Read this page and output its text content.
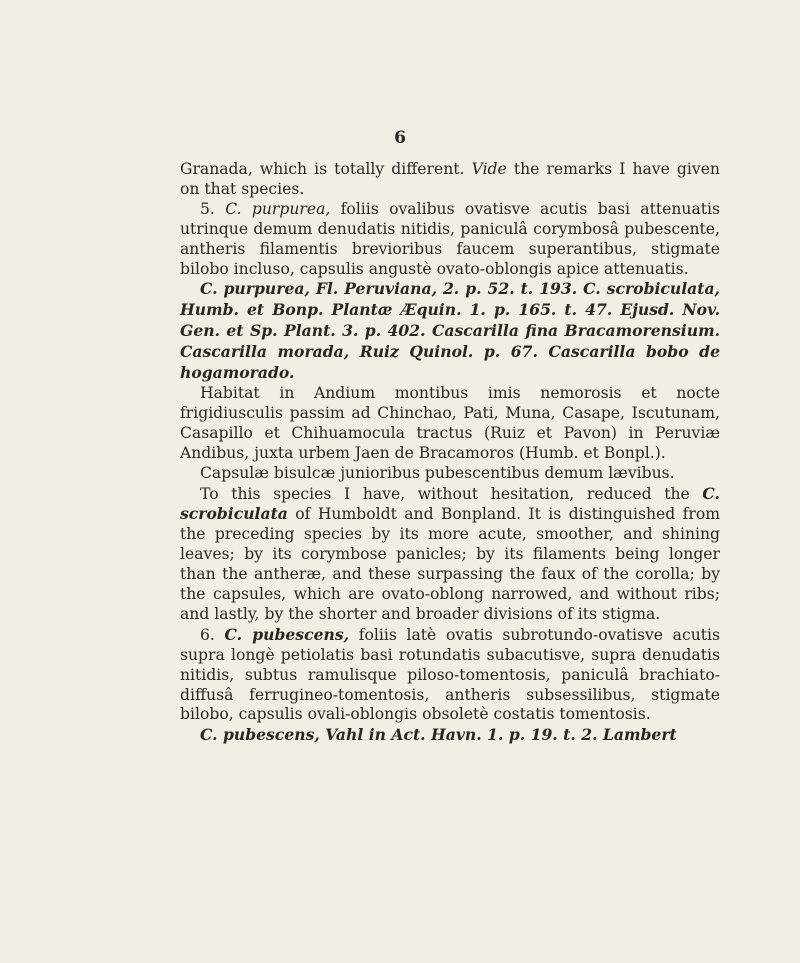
6

Granada, which is totally different. Vide the remarks I have given on that species.

5. C. purpurea, foliis ovalibus ovatisve acutis basi attenuatis utrinque demum denudatis nitidis, paniculâ corymbosâ pubescente, antheris filamentis brevioribus faucem superantibus, stigmate bilobo incluso, capsulis angustè ovato-oblongis apice attenuatis.

C. purpurea, Fl. Peruviana, 2. p. 52. t. 193. C. scrobiculata, Humb. et Bonp. Plantæ Æquin. 1. p. 165. t. 47. Ejusd. Nov. Gen. et Sp. Plant. 3. p. 402. Cascarilla fina Bracamorensium. Cascarilla morada, Ruiz Quinol. p. 67. Cascarilla bobo de hogamorado.

Habitat in Andium montibus imis nemorosis et nocte frigidiusculis passim ad Chinchao, Pati, Muna, Casape, Iscutunam, Casapillo et Chihuamocula tractus (Ruiz et Pavon) in Peruviæ Andibus, juxta urbem Jaen de Bracamoros (Humb. et Bonpl.).

Capsulæ bisulcæ junioribus pubescentibus demum lævibus.

To this species I have, without hesitation, reduced the C. scrobiculata of Humboldt and Bonpland. It is distinguished from the preceding species by its more acute, smoother, and shining leaves; by its corymbose panicles; by its filaments being longer than the antheræ, and these surpassing the faux of the corolla; by the capsules, which are ovato-oblong narrowed, and without ribs; and lastly, by the shorter and broader divisions of its stigma.

6. C. pubescens, foliis latè ovatis subrotundo-ovatisve acutis supra longè petiolatis basi rotundatis subacutisve, supra denudatis nitidis, subtus ramulisque piloso-tomentosis, paniculâ brachiato-diffusâ ferrugineo-tomentosis, antheris subsessilibus, stigmate bilobo, capsulis ovali-oblongis obsoletè costatis tomentosis.

C. pubescens, Vahl in Act. Havn. 1. p. 19. t. 2. Lambert
